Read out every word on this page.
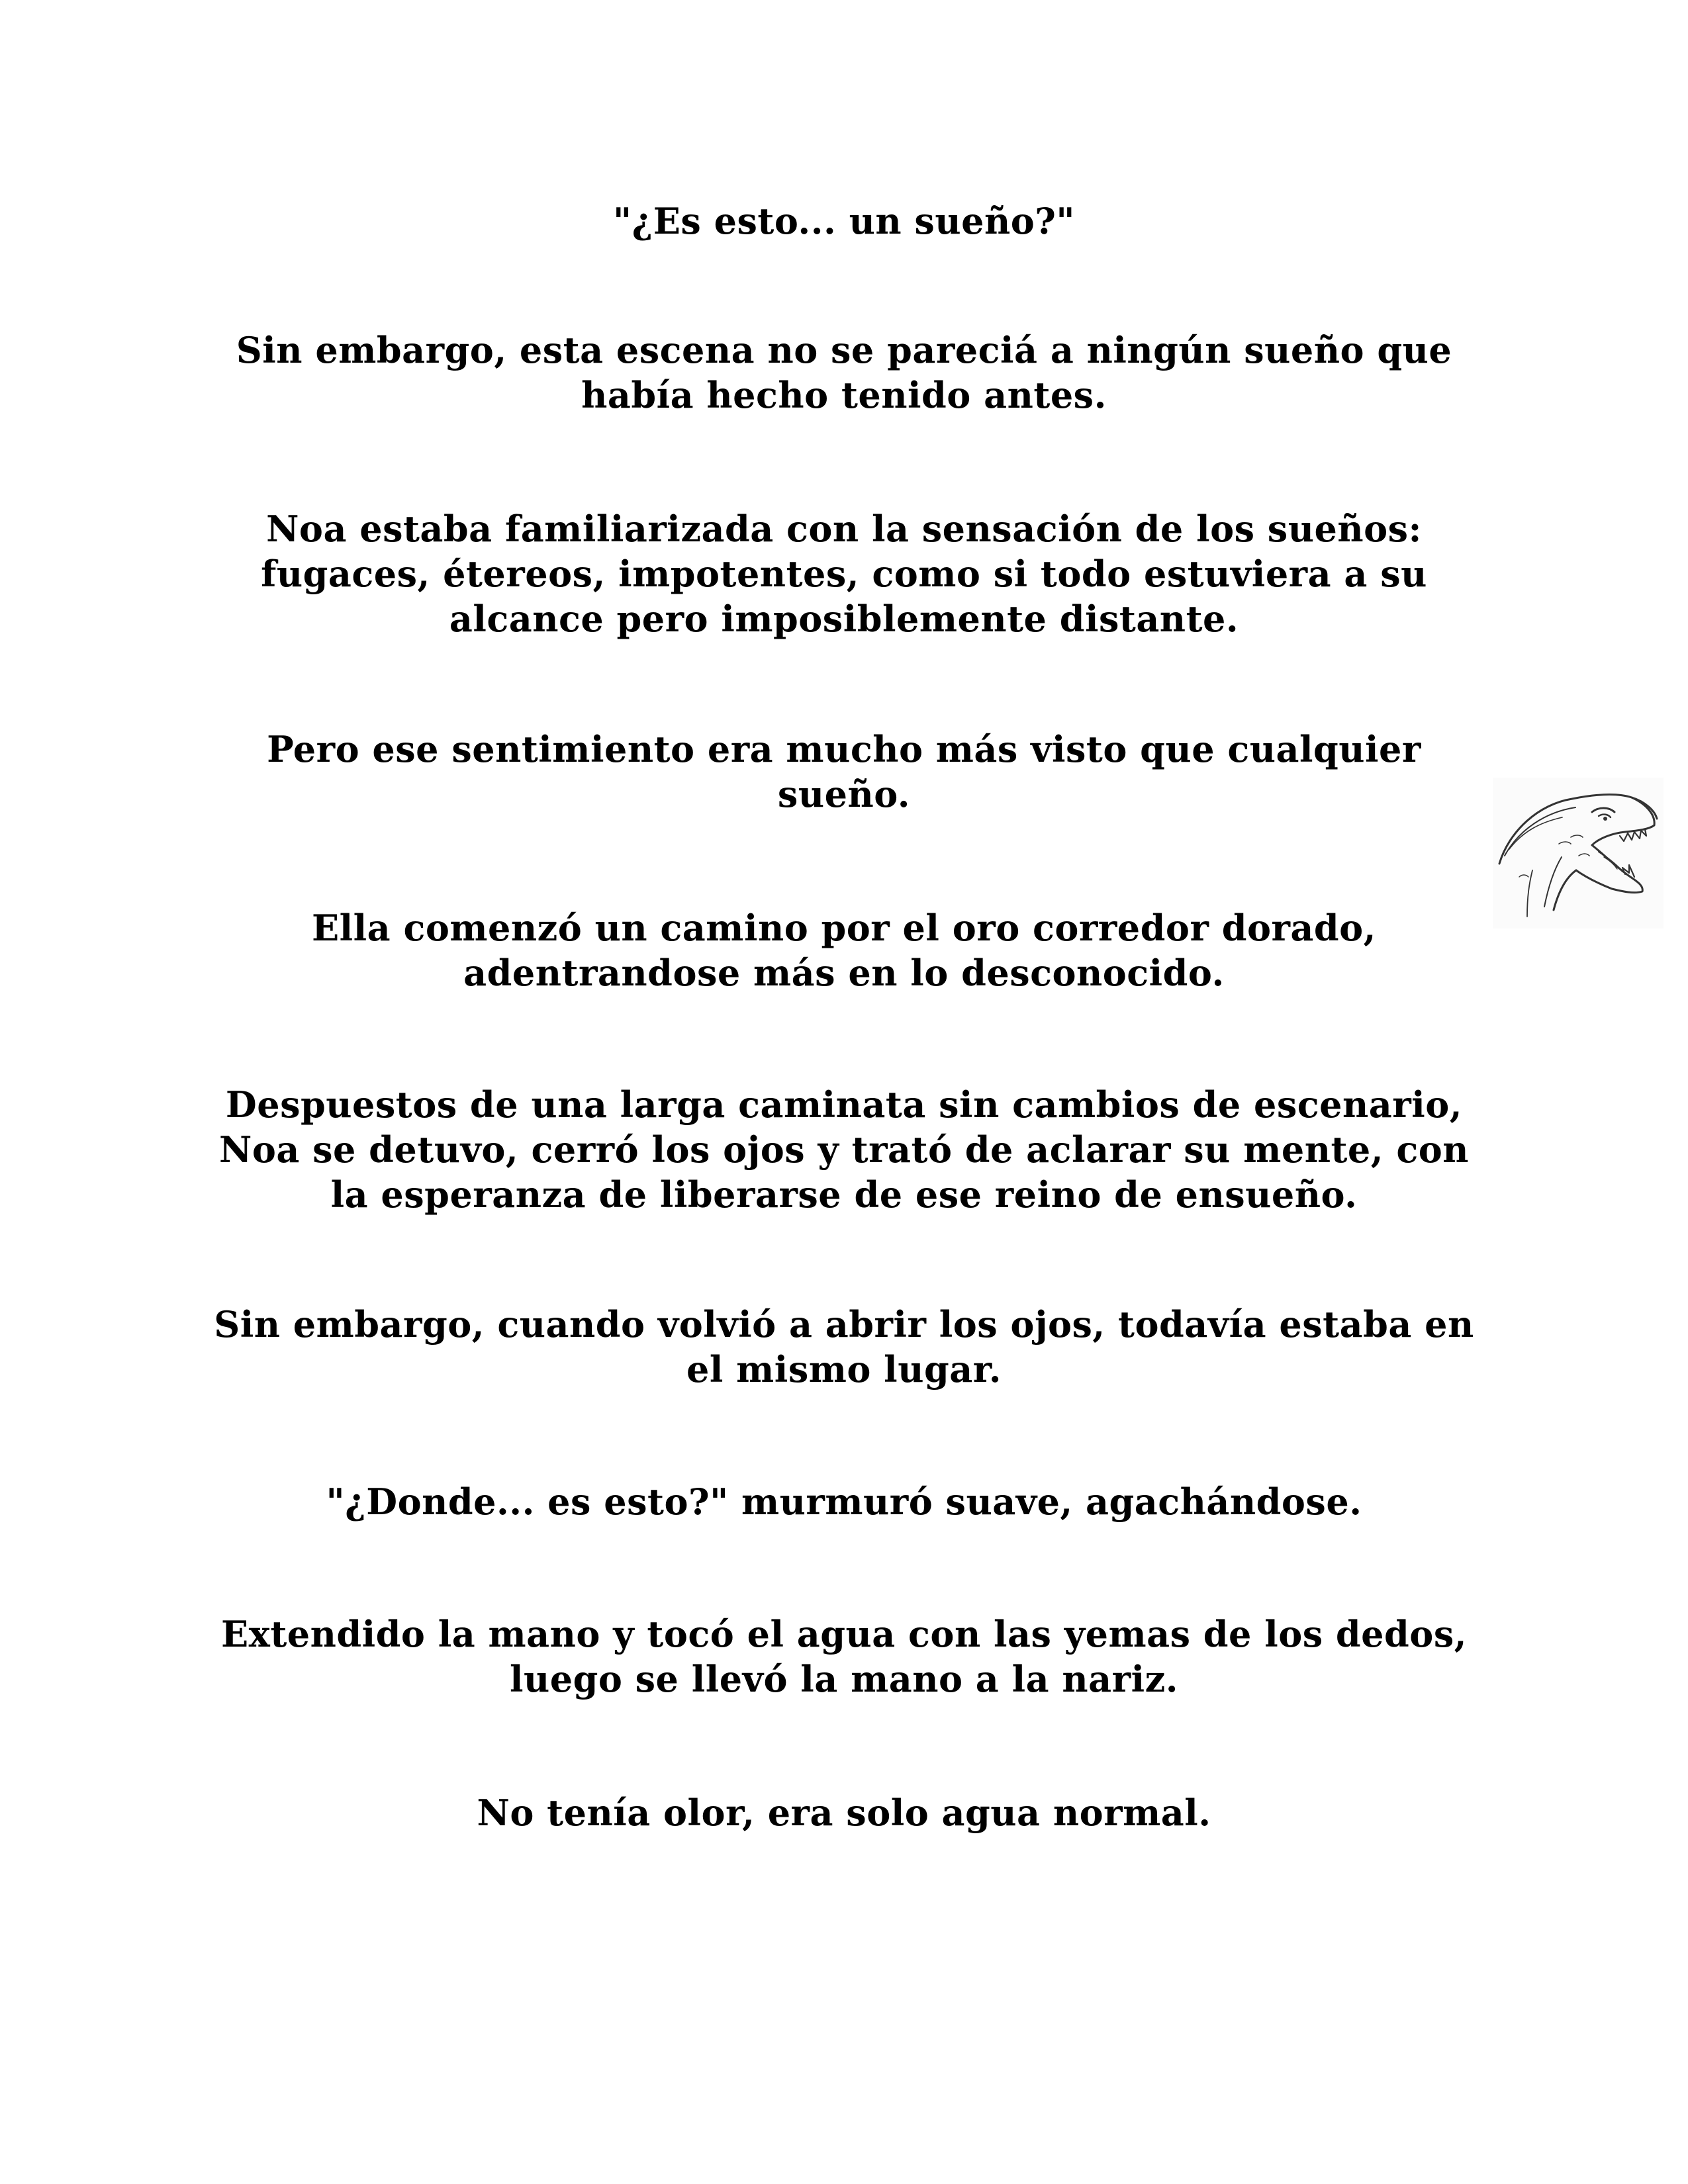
"¿Es esto... un sueño?"

Sin embargo, esta escena no se pareciá a ningún sueño que
había hecho tenido antes.

Noa estaba familiarizada con la sensación de los sueños:
fugaces, étereos, impotentes, como si todo estuviera a su
alcance pero imposiblemente distante.

Pero ese sentimiento era mucho más visto que cualquier
sueño.

Ella comenzó un camino por el oro corredor dorado,
adentrandose más en lo desconocido.

Despuestos de una larga caminata sin cambios de escenario,
Noa se detuvo, cerró los ojos y trató de aclarar su mente, con
la esperanza de liberarse de ese reino de ensueño.

Sin embargo, cuando volvió a abrir los ojos, todavía estaba en
el mismo lugar.

"¿Donde... es esto?" murmuró suave, agachándose.

Extendido la mano y tocó el agua con las yemas de los dedos,
luego se llevó la mano a la nariz.

No tenía olor, era solo agua normal.
